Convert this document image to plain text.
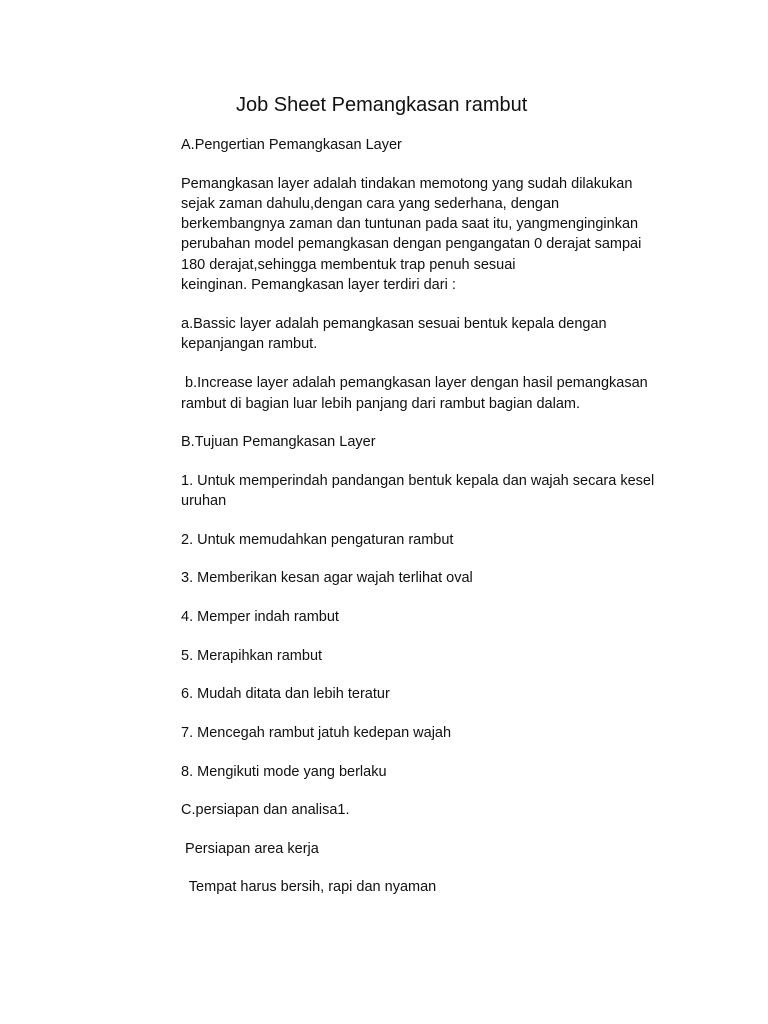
Job Sheet Pemangkasan rambut

A.Pengertian Pemangkasan Layer

Pemangkasan layer adalah tindakan memotong yang sudah dilakukan

sejak zaman dahulu,dengan cara yang sederhana, dengan

berkembangnya zaman dan tuntunan pada saat itu, yangmenginginkan

perubahan model pemangkasan dengan pengangatan 0 derajat sampai

180 derajat,sehingga membentuk trap penuh sesuai

keinginan. Pemangkasan layer terdiri dari :

a.Bassic layer adalah pemangkasan sesuai bentuk kepala dengan

kepanjangan rambut.

b.Increase layer adalah pemangkasan layer dengan hasil pemangkasan

rambut di bagian luar lebih panjang dari rambut bagian dalam.

B.Tujuan Pemangkasan Layer

1. Untuk memperindah pandangan bentuk kepala dan wajah secara kesel

uruhan

2. Untuk memudahkan pengaturan rambut

3. Memberikan kesan agar wajah terlihat oval

4. Memper indah rambut

5. Merapihkan rambut

6. Mudah ditata dan lebih teratur

7. Mencegah rambut jatuh kedepan wajah

8. Mengikuti mode yang berlaku

C.persiapan dan analisa1.

Persiapan area kerja

Tempat harus bersih, rapi dan nyaman
